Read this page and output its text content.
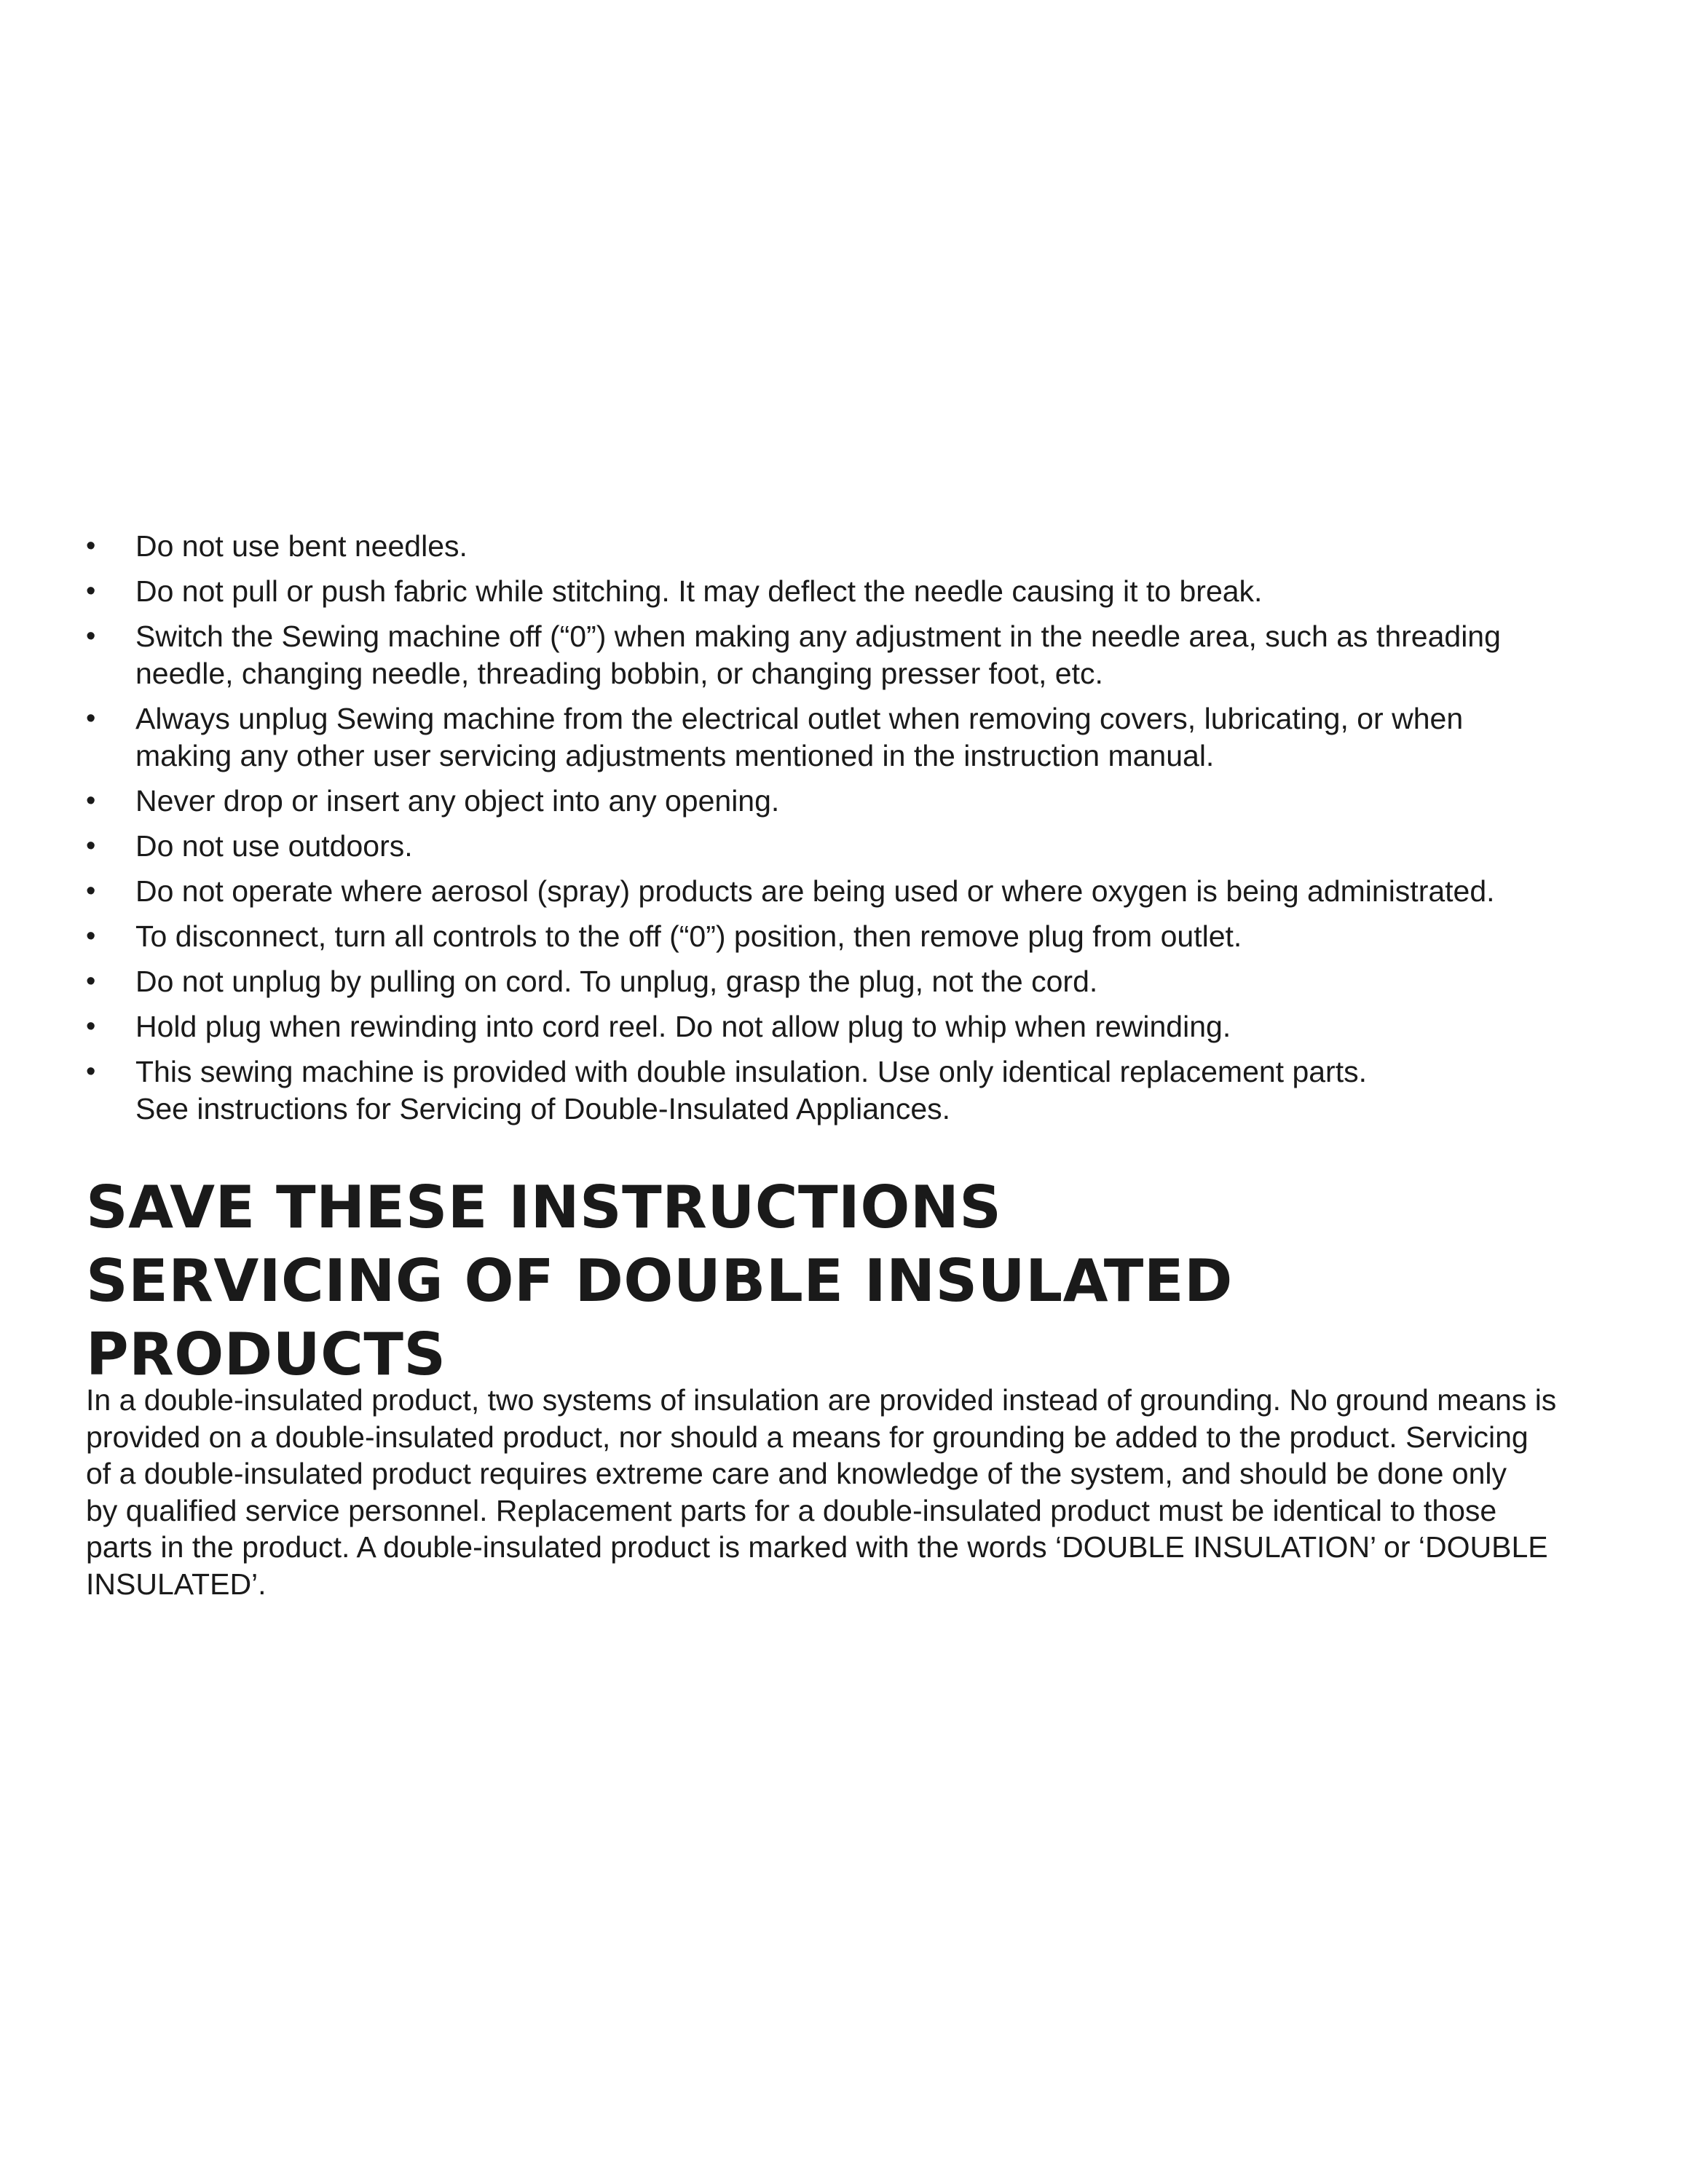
•	Do not use bent needles.
•	Do not pull or push fabric while stitching. It may deflect the needle causing it to break.
•	Switch the Sewing machine off (“0”) when making any adjustment in the needle area, such as threading
needle, changing needle, threading bobbin, or changing presser foot, etc.
•	Always unplug Sewing machine from the electrical outlet when removing covers, lubricating, or when
making any other user servicing adjustments mentioned in the instruction manual.
•	Never drop or insert any object into any opening.
•	Do not use outdoors.
•	Do not operate where aerosol (spray) products are being used or where oxygen is being administrated.
•	To disconnect, turn all controls to the off (“0”) position, then remove plug from outlet.
•	Do not unplug by pulling on cord. To unplug, grasp the plug, not the cord.
•	Hold plug when rewinding into cord reel. Do not allow plug to whip when rewinding.
•	This sewing machine is provided with double insulation. Use only identical replacement parts.
See instructions for Servicing of Double-Insulated Appliances.
SAVE THESE INSTRUCTIONS
SERVICING OF DOUBLE INSULATED
PRODUCTS

In a double-insulated product, two systems of insulation are provided instead of grounding. No ground means is
provided on a double-insulated product, nor should a means for grounding be added to the product. Servicing
of a double-insulated product requires extreme care and knowledge of the system, and should be done only
by qualified service personnel. Replacement parts for a double-insulated product must be identical to those
parts in the product. A double-insulated product is marked with the words ‘DOUBLE INSULATION’ or ‘DOUBLE
INSULATED’.
